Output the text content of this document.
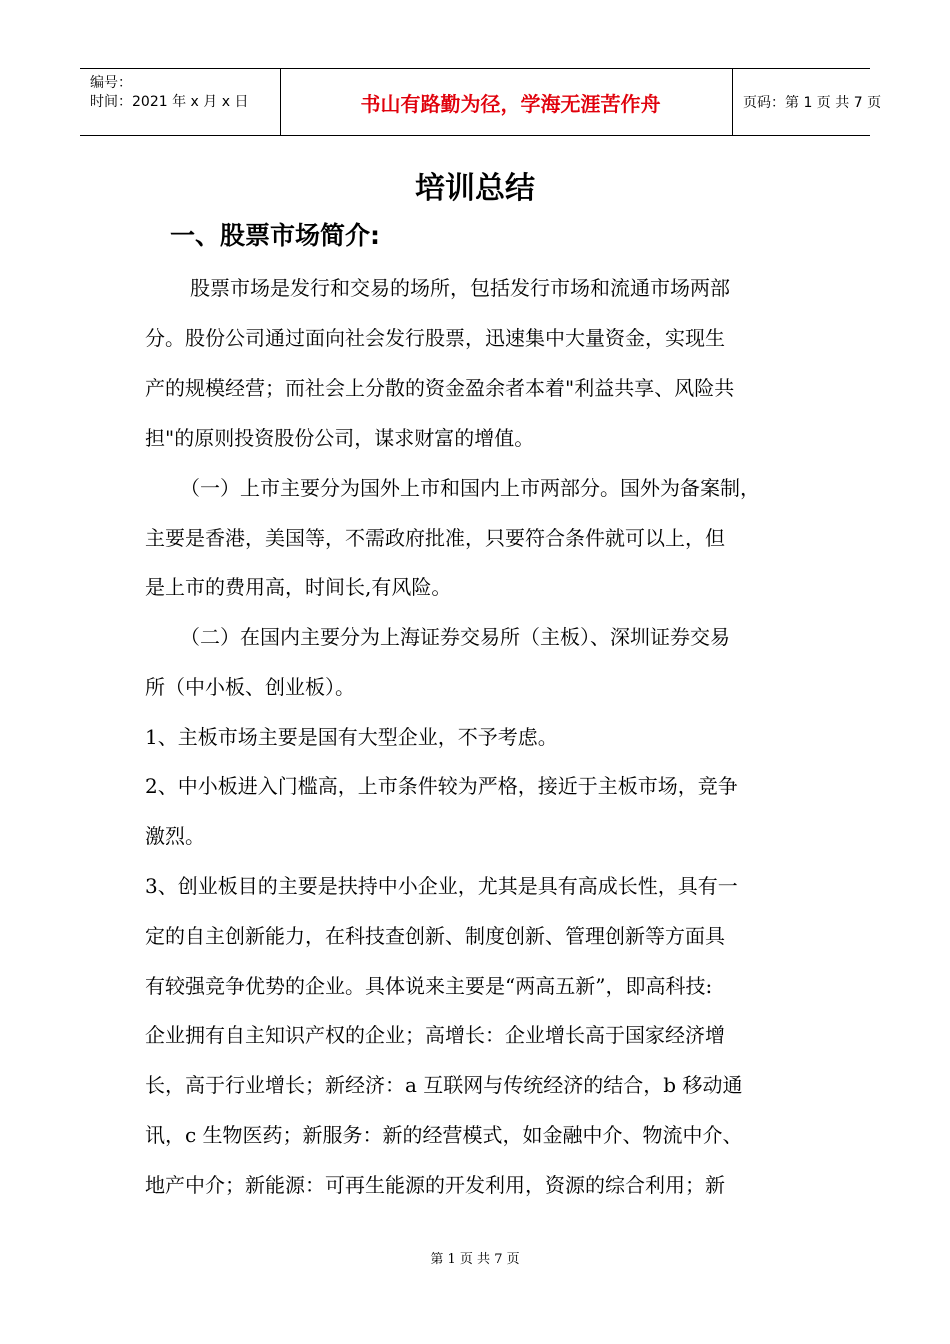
编号：
时间：2021 年 x 月 x 日	书山有路勤为径，学海无涯苦作舟	页码：第 1 页 共 7 页
培训总结
一、股票市场简介:
股票市场是发行和交易的场所，包括发行市场和流通市场两部
分。股份公司通过面向社会发行股票，迅速集中大量资金，实现生
产的规模经营；而社会上分散的资金盈余者本着"利益共享、风险共
担"的原则投资股份公司，谋求财富的增值。
（一）上市主要分为国外上市和国内上市两部分。国外为备案制，
主要是香港，美国等，不需政府批准，只要符合条件就可以上，但
是上市的费用高，时间长,有风险。
（二）在国内主要分为上海证券交易所（主板）、深圳证券交易
所（中小板、创业板）。
1、主板市场主要是国有大型企业，不予考虑。
2、中小板进入门槛高，上市条件较为严格，接近于主板市场，竞争
激烈。
3、创业板目的主要是扶持中小企业，尤其是具有高成长性，具有一
定的自主创新能力，在科技查创新、制度创新、管理创新等方面具
有较强竞争优势的企业。具体说来主要是“两高五新”，即高科技:
企业拥有自主知识产权的企业；高增长：企业增长高于国家经济增
长，高于行业增长；新经济：a 互联网与传统经济的结合，b 移动通
讯，c 生物医药；新服务：新的经营模式，如金融中介、物流中介、
地产中介；新能源：可再生能源的开发利用，资源的综合利用；新
第 1 页 共 7 页
